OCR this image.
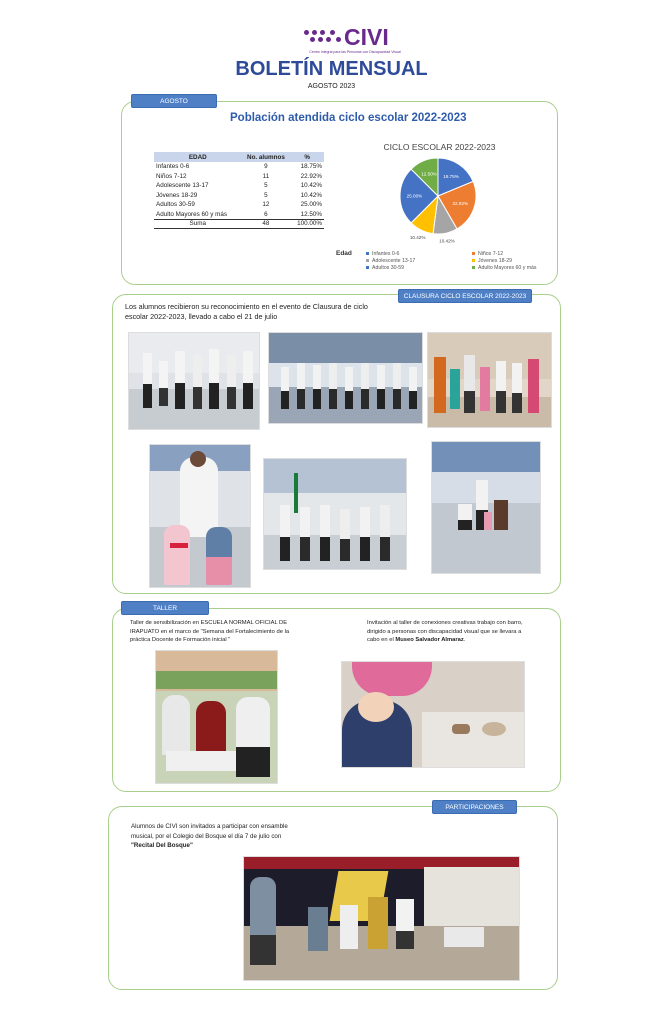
CIVI
Centro Integral para las Personas con Discapacidad Visual
BOLETÍN MENSUAL
AGOSTO 2023
AGOSTO
Población atendida ciclo escolar 2022-2023
EDAD	No. alumnos	%
Infantes 0-6	9	18.75%
Niños 7-12	11	22.92%
Adolescente 13-17	5	10.42%
Jóvenes 18-29	5	10.42%
Adultos 30-59	12	25.00%
Adulto Mayores 60 y más	6	12.50%
Suma	48	100.00%
CICLO ESCOLAR 2022-2023
18.75%
22.92%
10.42%
10.42%
25.00%
12.50%
Edad	Infantes 0-6	Niños 7-12
Adolescente 13-17	Jóvenes 18-29
Adultos 30-59	Adulto Mayores 60 y más
CLAUSURA CICLO ESCOLAR 2022-2023
Los alumnos recibieron su reconocimiento en el evento de Clausura de ciclo escolar 2022-2023, llevado a cabo el 21 de julio
TALLER
Taller de sensibilización en ESCUELA NORMAL OFICIAL DE IRAPUATO en el marco de "Semana del Fortalecimiento de la práctica Docente de Formación inicial "
Invitación al taller de conexiones creativas trabajo con barro, dirigido a personas con discapacidad visual que se llevara a cabo en el Museo Salvador Almaraz.
PARTICIPACIONES
Alumnos de CIVI son invitados a participar con ensamble musical, por el Colegio del Bosque el día 7 de julio con "Recital Del Bosque"
